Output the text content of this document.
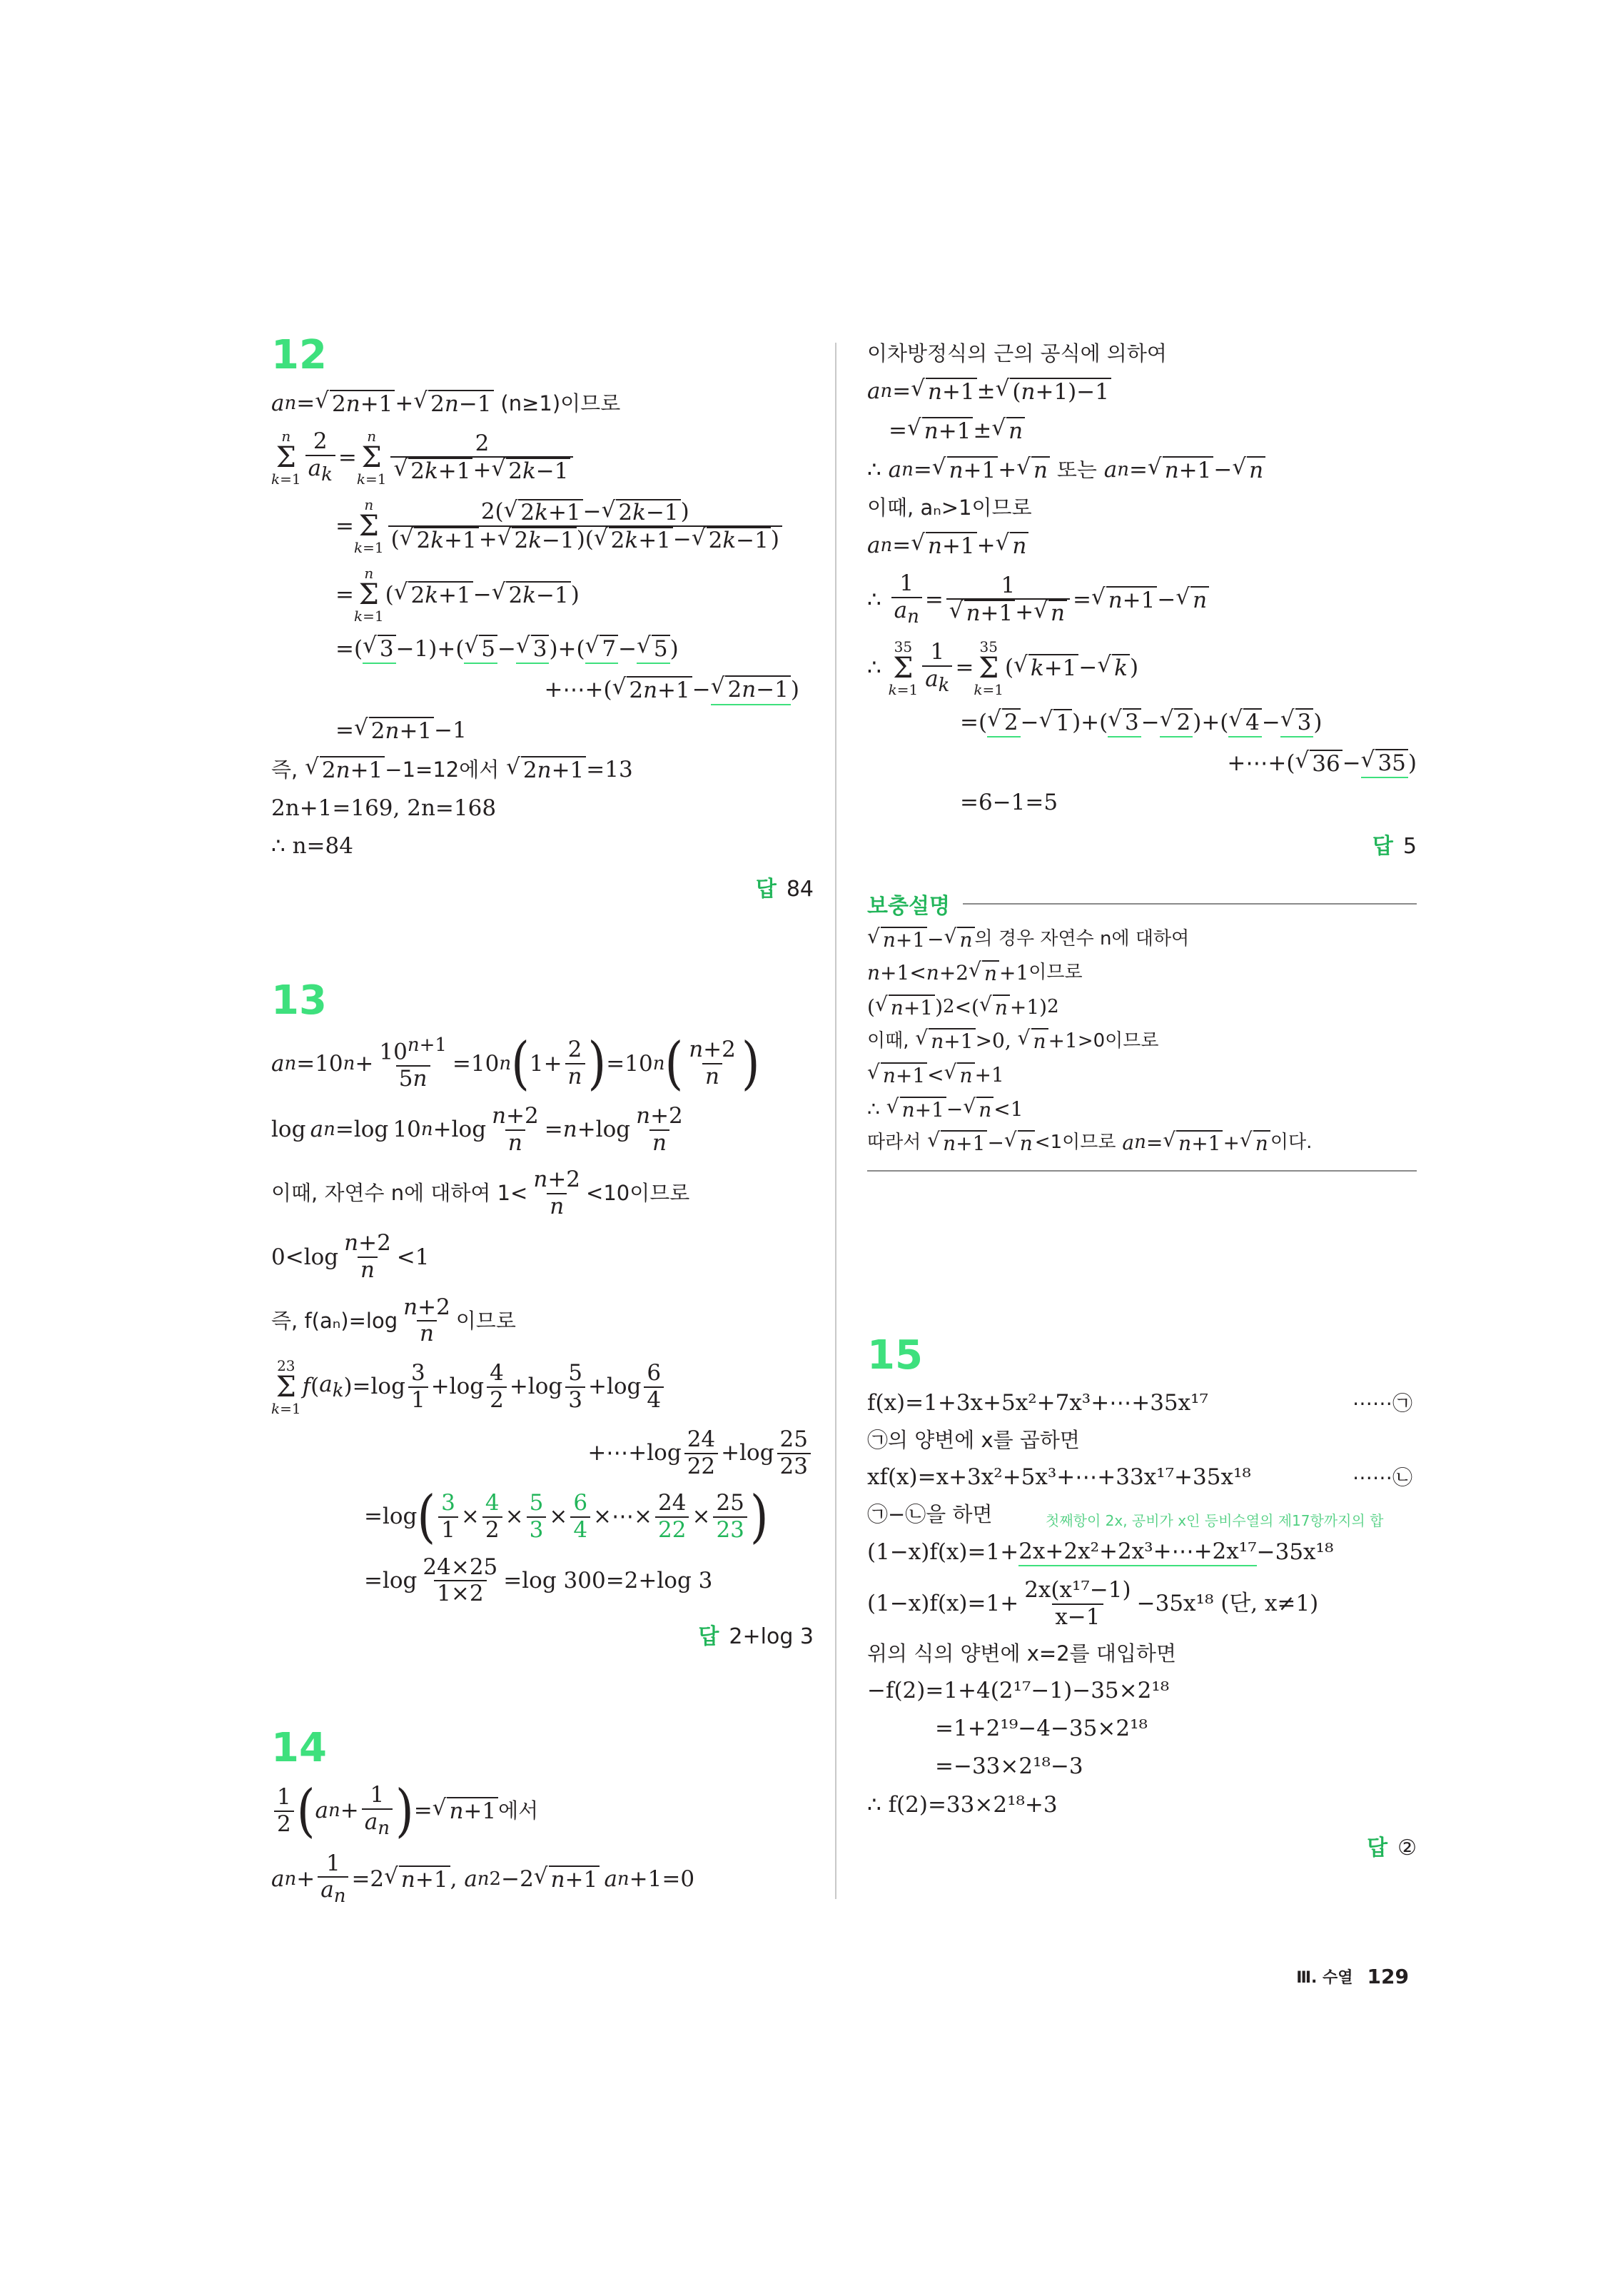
12
a n = √ 2n+1 + √ 2n−1
(n≥1)이므로
n
Σ
k=1
2
$a_k$
=
n
Σ
k=1
2
√ 2k+1 + √ 2k−1
=
n
Σ
k=1
2( √ 2k+1 − √ 2k−1 )
( √ 2k+1 + √ 2k−1 )( √ 2k+1 − √ 2k−1 )
=
n
Σ
k=1
( √ 2k+1 − √ 2k−1 )
=( √ 3 −1)+( √ 5 − √ 3 )+( √ 7 − √ 5 )
+⋯+( √ 2n+1 − √ 2n−1 )
= √ 2n+1 −1
즉,
√ 2n+1 −1=12에서
√ 2n+1 =13
2n+1=169, 2n=168
∴ n=84
답 84
13
a n =10 $n + 10^{n+1}$
5n
=10 n ( 1+
2
n ) =10 n ( n+2
n )
log  a n =log 10 n +log
n+2
n
= n +log
n+2
n
이때, 자연수 n에 대하여 1<
n+2
n
<10이므로
0<log
n+2
n
<1
즉, f(aₙ)=log
n+2
n
이므로
23
Σ
k=1
f ( $a_k$ )=log
3
1
+log
4
2
+log
5
3
+log
6
4
+⋯+log
24
22
+log
25
23
=log ( 3
1
×
4
2
×
5
3
×
6
4
×⋯×
24
22
×
25
23 )
$=\log \frac{24\times 25}{1\times 2} =\log$ 300=2+log 3
답 2+log 3
14
1
2 ( a n +
1
$a_n$ ) = √ n+1 에서
a n +
1
$a_n$
=2 √ n+1 , a n 2 −2 √ n+1
  a n +1=0
이차방정식의 근의 공식에 의하여
a n = √ n+1 ± √ (n+1)−1
= √ n+1 ± √ n
∴ a n = √ n+1 + √ n
또는
a n = √ n+1 − √ n
이때, aₙ>1이므로
a n = √ n+1 + √ n
∴
1
$a_n$
=
1
√ n+1 + √ n
= √ n+1 − √ n
∴
35
Σ
k=1
1
$a_k$
=
35
Σ
k=1
( √ k+1 − √ k )
=( √ 2 − √ 1 )+( √ 3 − √ 2 )+( √ 4 − √ 3 )
+⋯+( √ 36 − √ 35 )
=6−1=5
답 5
보충설명
√ n+1 − √ n 의 경우 자연수 n에 대하여
n +1< n +2 √ n +1 이므로
( √ n+1 ) 2 <( √ n +1) 2
이때,
√ n+1 >0, √ n +1 >0이므로
√ n+1 < √ n +1
∴ √ n+1 − √ n <1
따라서
√ n+1 − √ n <1이므로
a n = √ n+1 + √ n 이다.
15
f(x)=1+3x+5x²+7x³+⋯+35x¹⁷	⋯⋯㉠
㉠의 양변에 x를 곱하면
xf(x)=x+3x²+5x³+⋯+33x¹⁷+35x¹⁸	⋯⋯㉡
㉠−㉡을 하면	첫째항이 2x, 공비가 x인 등비수열의 제17항까지의 합
(1−x)f(x)=1+ 2x+2x²+2x³+⋯+2x¹⁷ −35x¹⁸
$(1-x)f(x)=1+ \frac{\text{2x(x¹⁷−1)}}{x-1} -35x^{18}$ (단, x≠1)
위의 식의 양변에 x=2를 대입하면
−f(2)=1+4(2¹⁷−1)−35×2¹⁸
=1+2¹⁹−4−35×2¹⁸
=−33×2¹⁸−3
∴ f(2)=33×2¹⁸+3
답 ②
Ⅲ. 수열 129
